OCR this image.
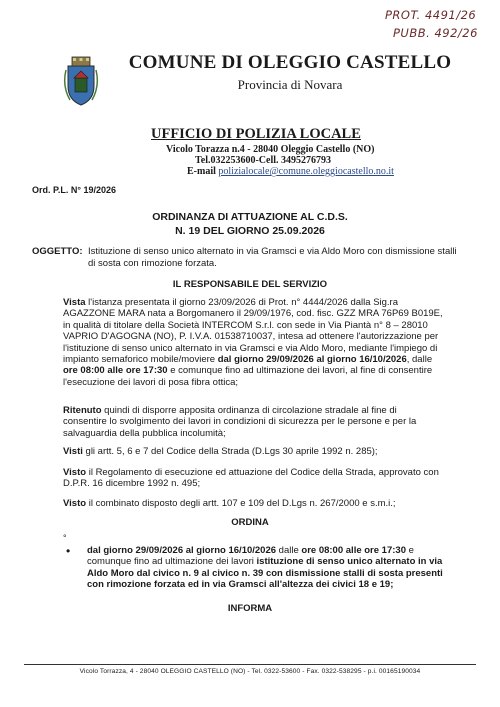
PROT. 4491/26
PUBB. 492/26
COMUNE DI OLEGGIO CASTELLO
Provincia di Novara
UFFICIO DI POLIZIA LOCALE
Vicolo Torazza n.4 - 28040 Oleggio Castello (NO)
Tel.032253600-Cell. 3495276793
E-mail polizialocale@comune.oleggiocastello.no.it
Ord. P.L. N° 19/2026
ORDINANZA DI ATTUAZIONE AL C.D.S.
N. 19 DEL GIORNO 25.09.2026
OGGETTO: Istituzione di senso unico alternato in via Gramsci e via Aldo Moro con dismissione stalli di sosta con rimozione forzata.
IL RESPONSABILE DEL SERVIZIO
Vista l'istanza presentata il giorno 23/09/2026 di Prot. n° 4444/2026 dalla Sig.ra AGAZZONE MARA nata a Borgomanero il 29/09/1976, cod. fisc. GZZ MRA 76P69 B019E, in qualità di titolare della Società INTERCOM S.r.l. con sede in Via Piantà n° 8 – 28010 VAPRIO D'AGOGNA (NO), P. I.V.A. 01538710037, intesa ad ottenere l'autorizzazione per l'istituzione di senso unico alternato in via Gramsci e via Aldo Moro, mediante l'impiego di impianto semaforico mobile/moviere dal giorno 29/09/2026 al giorno 16/10/2026, dalle ore 08:00 alle ore 17:30 e comunque fino ad ultimazione dei lavori, al fine di consentire l'esecuzione dei lavori di posa fibra ottica;
Ritenuto quindi di disporre apposita ordinanza di circolazione stradale al fine di consentire lo svolgimento dei lavori in condizioni di sicurezza per le persone e per la salvaguardia della pubblica incolumità;
Visti gli artt. 5, 6 e 7 del Codice della Strada (D.Lgs 30 aprile 1992 n. 285);
Visto il Regolamento di esecuzione ed attuazione del Codice della Strada, approvato con D.P.R. 16 dicembre 1992 n. 495;
Visto il combinato disposto degli artt. 107 e 109 del D.Lgs n. 267/2000 e s.m.i.;
ORDINA
°
• dal giorno 29/09/2026 al giorno 16/10/2026 dalle ore 08:00 alle ore 17:30 e comunque fino ad ultimazione dei lavori istituzione di senso unico alternato in via Aldo Moro dal civico n. 9 al civico n. 39 con dismissione stalli di sosta presenti con rimozione forzata ed in via Gramsci all'altezza dei civici 18 e 19;
INFORMA
Vicolo Torrazza, 4 - 28040 OLEGGIO CASTELLO (NO) - Tel. 0322-53600 - Fax. 0322-538295 - p.i. 00165190034
